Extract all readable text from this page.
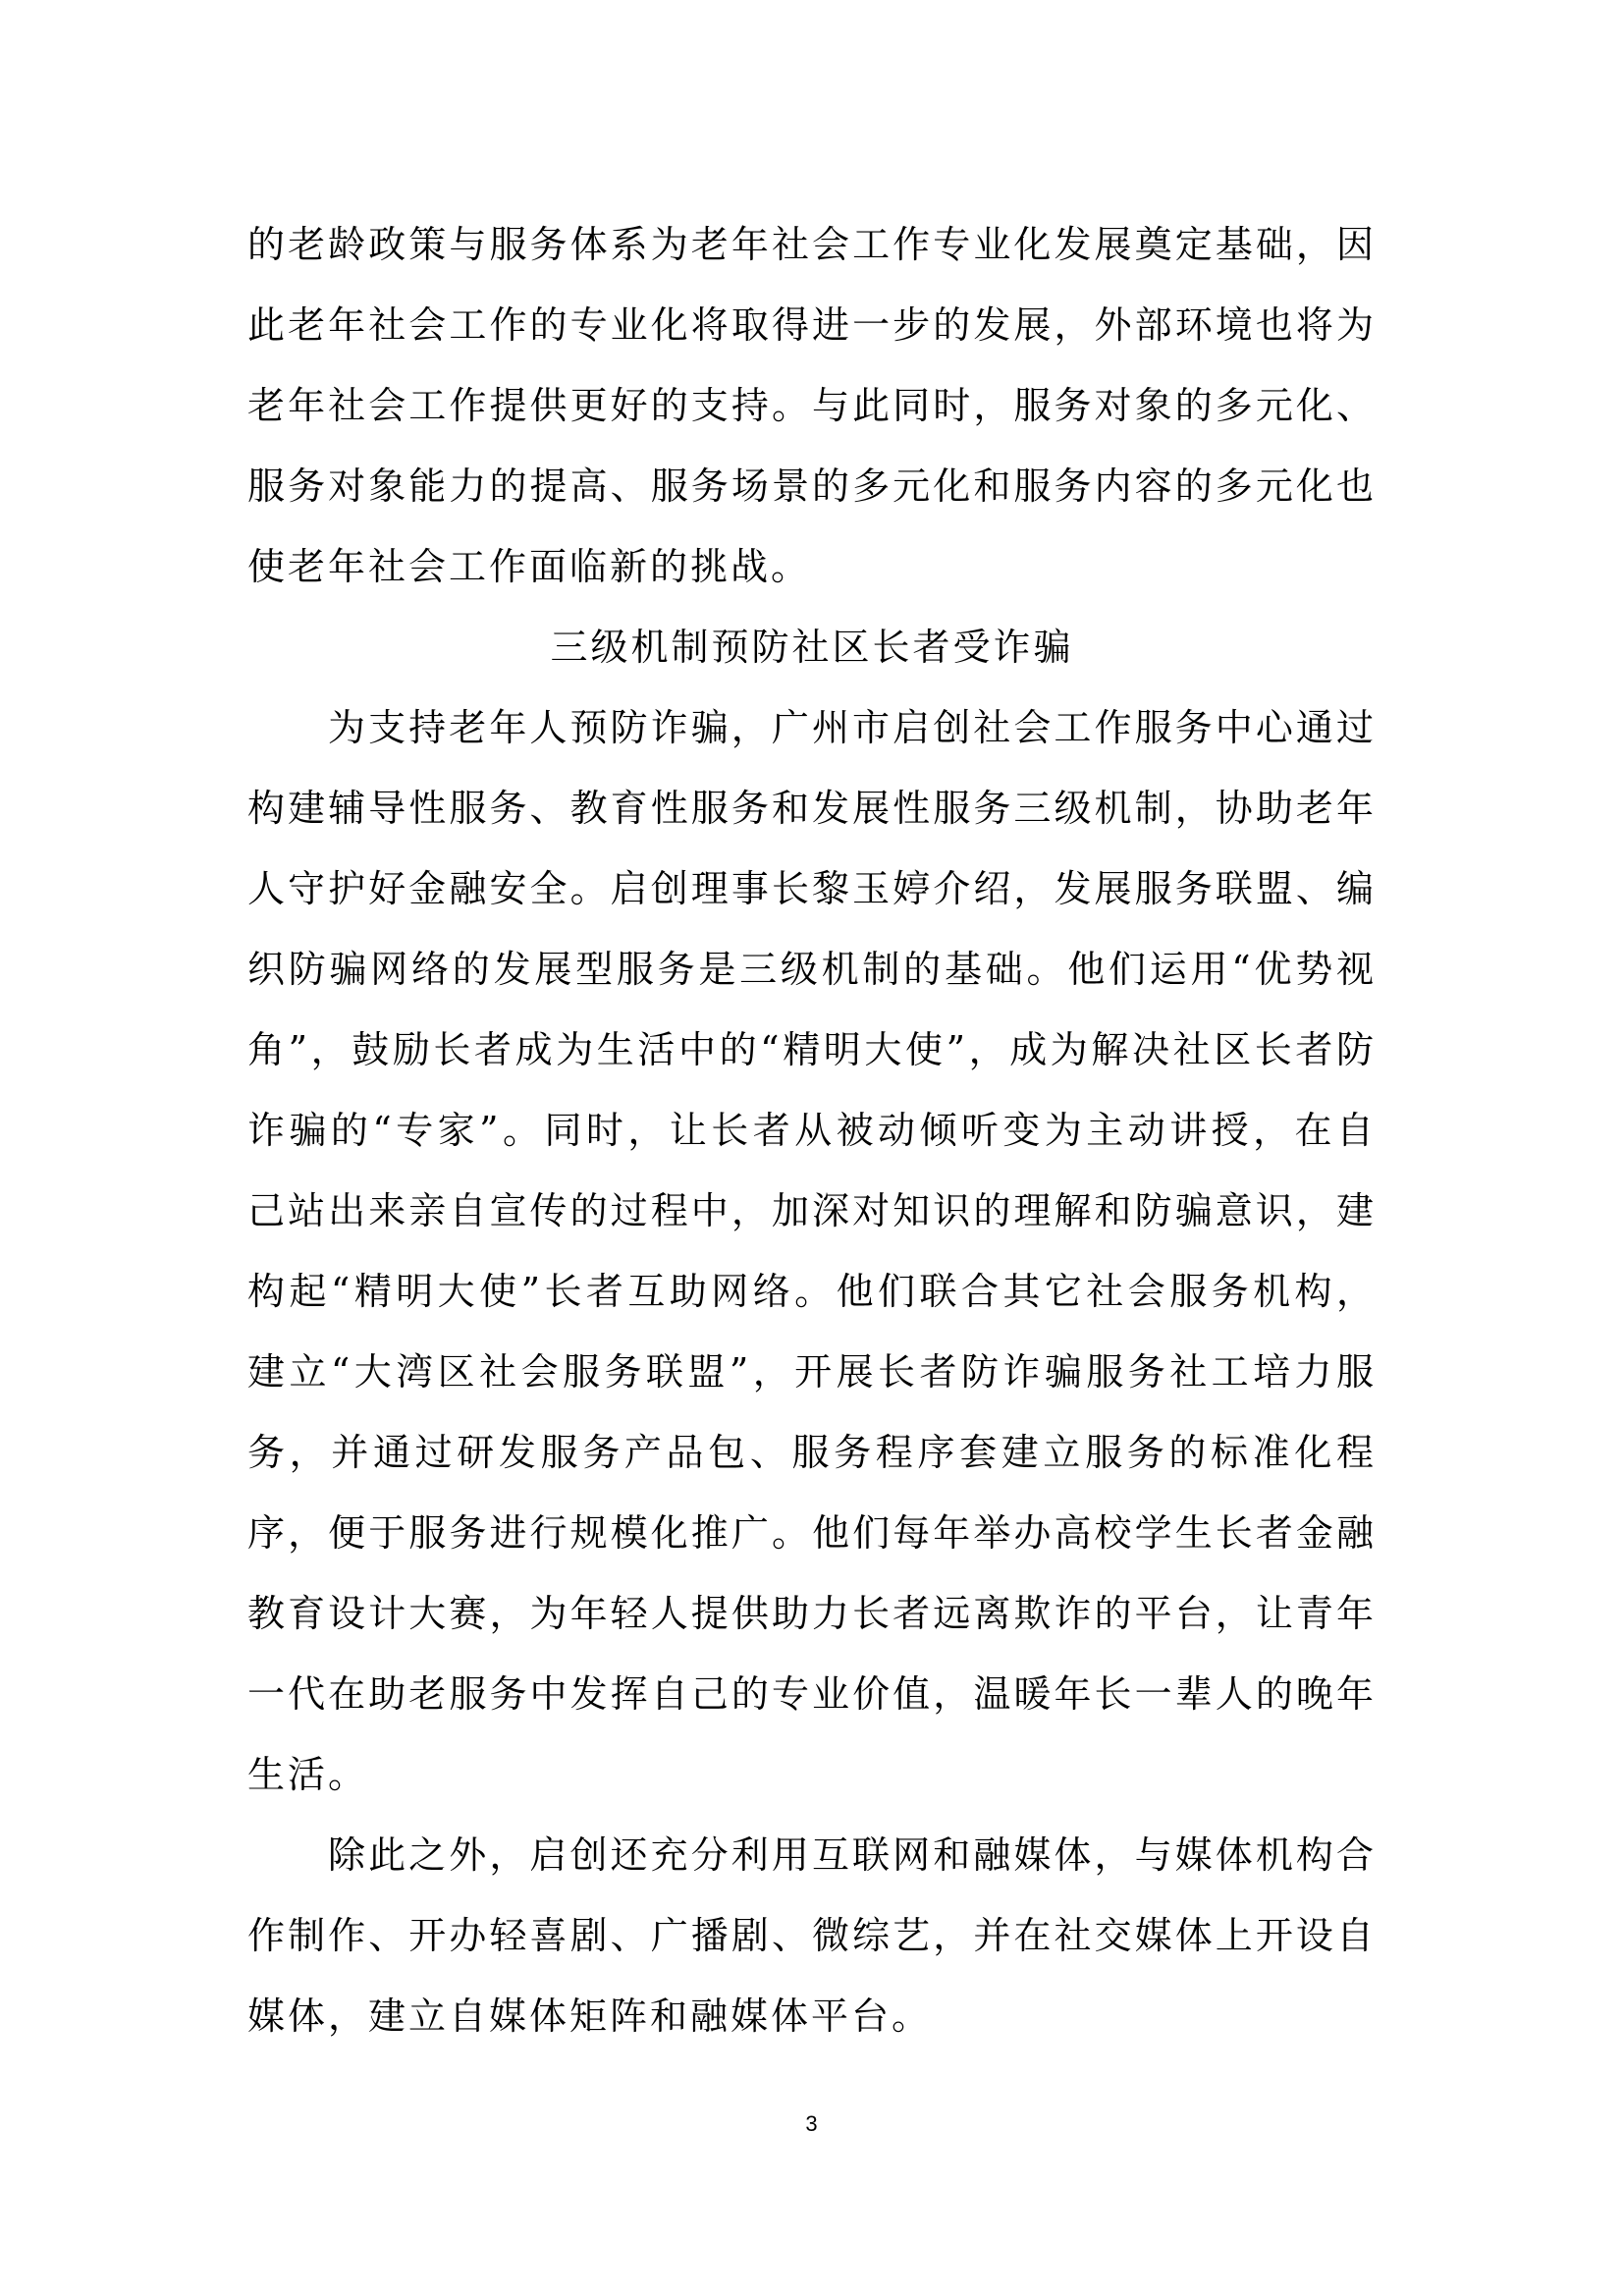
的老龄政策与服务体系为老年社会工作专业化发展奠定基础，因此老年社会工作的专业化将取得进一步的发展，外部环境也将为老年社会工作提供更好的支持。与此同时，服务对象的多元化、服务对象能力的提高、服务场景的多元化和服务内容的多元化也使老年社会工作面临新的挑战。

三级机制预防社区长者受诈骗

为支持老年人预防诈骗，广州市启创社会工作服务中心通过构建辅导性服务、教育性服务和发展性服务三级机制，协助老年人守护好金融安全。启创理事长黎玉婷介绍，发展服务联盟、编织防骗网络的发展型服务是三级机制的基础。他们运用“优势视角”，鼓励长者成为生活中的“精明大使”，成为解决社区长者防诈骗的“专家”。同时，让长者从被动倾听变为主动讲授，在自己站出来亲自宣传的过程中，加深对知识的理解和防骗意识，建构起“精明大使”长者互助网络。他们联合其它社会服务机构，建立“大湾区社会服务联盟”，开展长者防诈骗服务社工培力服务，并通过研发服务产品包、服务程序套建立服务的标准化程序，便于服务进行规模化推广。他们每年举办高校学生长者金融教育设计大赛，为年轻人提供助力长者远离欺诈的平台，让青年一代在助老服务中发挥自己的专业价值，温暖年长一辈人的晚年生活。

除此之外，启创还充分利用互联网和融媒体，与媒体机构合作制作、开办轻喜剧、广播剧、微综艺，并在社交媒体上开设自媒体，建立自媒体矩阵和融媒体平台。

3
